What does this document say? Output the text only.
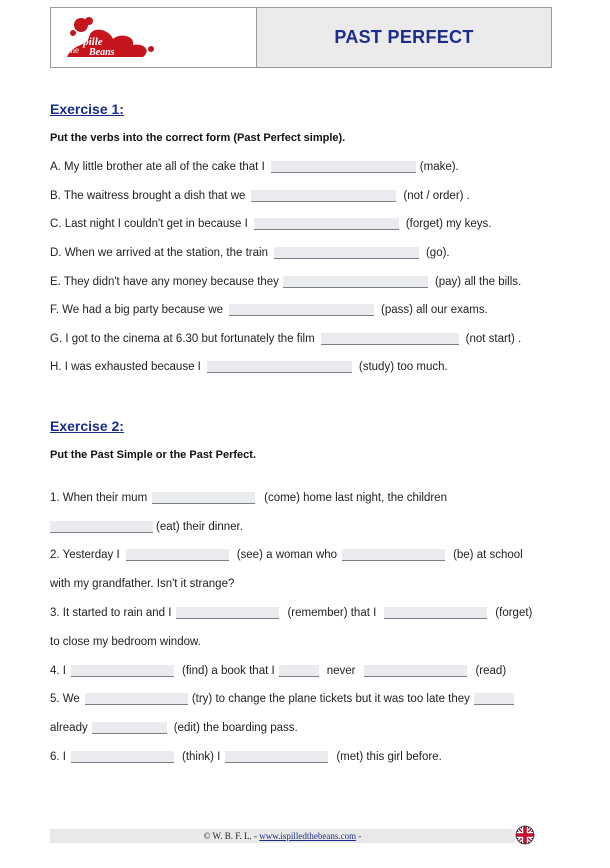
Spille
Beans
the
PAST PERFECT
Exercise 1:
Put the verbs into the correct form (Past Perfect simple).
A. My little brother ate all of the cake that I	(make).
B. The waitress brought a dish that we	(not / order) .
C. Last night I couldn't get in because I	(forget) my keys.
D. When we arrived at the station, the train	(go).
E. They didn't have any money because they	(pay) all the bills.
F. We had a big party because we	(pass) all our exams.
G. I got to the cinema at 6.30 but fortunately the film	(not start) .
H. I was exhausted because I	(study) too much.
Exercise 2:
Put the Past Simple or the Past Perfect.
1. When their mum	(come) home last night, the children
(eat) their dinner.
2. Yesterday I	(see) a woman who	(be) at school
with my grandfather. Isn't it strange?
3. It started to rain and I	(remember) that I	(forget)
to close my bedroom window.
4. I	(find) a book that I	never	(read)
5. We	(try) to change the plane tickets but it was too late they
already	(edit) the boarding pass.
6. I	(think) I	(met) this girl before.
© W. B. F. L. - www.ispilledthebeans.com -
